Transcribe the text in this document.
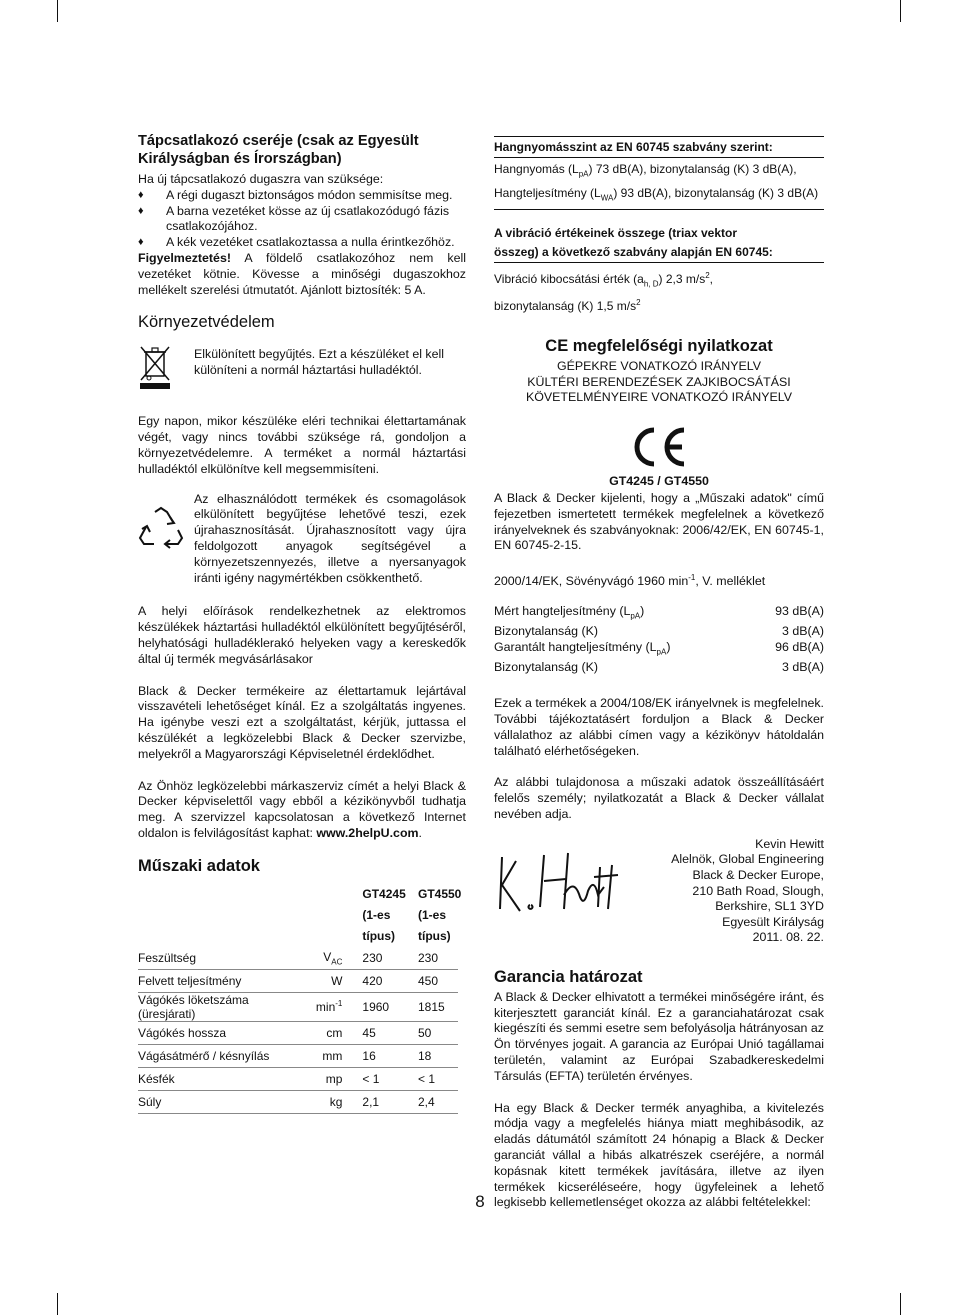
Tápcsatlakozó cseréje (csak az Egyesült Királyságban és Írországban)

Ha új tápcsatlakozó dugaszra van szüksége:

♦ A régi dugaszt biztonságos módon semmisítse meg.
♦ A barna vezetéket kösse az új csatlakozódugó fázis csatlakozójához.
♦ A kék vezetéket csatlakoztassa a nulla érintkezőhöz.

Figyelmeztetés! A földelő csatlakozóhoz nem kell vezetéket kötnie. Kövesse a minőségi dugaszokhoz mellékelt szerelési útmutatót. Ajánlott biztosíték: 5 A.

Környezetvédelem

Elkülönített begyűjtés. Ezt a készüléket el kell különíteni a normál háztartási hulladéktól.

Egy napon, mikor készüléke eléri technikai élettartamának végét, vagy nincs további szüksége rá, gondoljon a környezetvédelemre. A terméket a normál háztartási hulladéktól elkülönítve kell megsemmisíteni.

Az elhasználódott termékek és csomagolások elkülönített begyűjtése lehetővé teszi, ezek újrahasznosítását. Újrahasznosított vagy újra feldolgozott anyagok segítségével a környezetszennyezés, illetve a nyersanyagok iránti igény nagymértékben csökkenthető.

A helyi előírások rendelkezhetnek az elektromos készülékek háztartási hulladéktól elkülönített begyűjtéséről, helyhatósági hulladéklerakó helyeken vagy a kereskedők által új termék megvásárlásakor

Black & Decker termékeire az élettartamuk lejártával visszavételi lehetőséget kínál. Ez a szolgáltatás ingyenes. Ha igénybe veszi ezt a szolgáltatást, kérjük, juttassa el készülékét a legközelebbi Black & Decker szervizbe, melyekről a Magyarországi Képviseletnél érdeklődhet.

Az Önhöz legközelebbi márkaszerviz címét a helyi Black & Decker képviselettől vagy ebből a kézikönyvből tudhatja meg. A szervizzel kapcsolatosan a következő Internet oldalon is felvilágosítást kaphat: www.2helpU.com.

Műszaki adatok

		GT4245 (1-es típus)	GT4550 (1-es típus)

Feszültség	$V_{AC}$	230	230
Felvett teljesítmény	W	420	450
Vágókés löketszáma (üresjárati)	$\min^{-1}$	1960	1815
Vágókés hossza	cm	45	50
Vágásátmérő / késnyílás	mm	16	18
Késfék	mp	< 1	< 1
Súly	kg	2,1	2,4
Hangnyomásszint az EN 60745 szabvány szerint:
Hangnyomás $(L_{pA})$ 73 dB(A), bizonytalanság (K) 3 dB(A),
Hangteljesítmény $(L_{WA})$ 93 dB(A), bizonytalanság (K) 3 dB(A)
A vibráció értékeinek összege (triax vektor összeg) a következő szabvány alapján EN 60745:
Vibráció kibocsátási érték $(a_{h, D})$ 2,3 $m/s^2$,
bizonytalanság (K) 1,5 $m/s^2$
CE megfelelőségi nyilatkozat
GÉPEKRE VONATKOZÓ IRÁNYELV
KÜLTÉRI BERENDEZÉSEK ZAJKIBOCSÁTÁSI
KÖVETELMÉNYEIRE VONATKOZÓ IRÁNYELV
GT4245 / GT4550

A Black & Decker kijelenti, hogy a „Műszaki adatok" című fejezetben ismertetett termékek megfelelnek a következő irányelveknek és szabványoknak: 2006/42/EK, EN 60745-1, EN 60745-2-15.

2000/14/EK, Sövényvágó 1960 $\min^{-1}$, V. melléklet

Mért hangteljesítmény $(L_{pA})$	93 dB(A)

Bizonytalanság (K)	3 dB(A)

Garantált hangteljesítmény $(L_{pA})$	96 dB(A)

Bizonytalanság (K)	3 dB(A)

Ezek a termékek a 2004/108/EK irányelvnek is megfelelnek. További tájékoztatásért forduljon a Black & Decker vállalathoz az alábbi címen vagy a kézikönyv hátoldalán található elérhetőségeken.

Az alábbi tulajdonosa a műszaki adatok összeállításáért felelős személy; nyilatkozatát a Black & Decker vállalat nevében adja.

Kevin Hewitt
Alelnök, Global Engineering
Black & Decker Europe,
210 Bath Road, Slough,
Berkshire, SL1 3YD
Egyesült Királyság
2011. 08. 22.
Garancia határozat

A Black & Decker elhivatott a termékei minőségére iránt, és kiterjesztett garanciát kínál. Ez a garanciahatározat csak kiegészíti és semmi esetre sem befolyásolja hátrányosan az Ön törvényes jogait. A garancia az Európai Unió tagállamai területén, valamint az Európai Szabadkereskedelmi Társulás (EFTA) területén érvényes.

Ha egy Black & Decker termék anyaghiba, a kivitelezés módja vagy a megfelelés hiánya miatt meghibásodik, az eladás dátumától számított 24 hónapig a Black & Decker garanciát vállal a hibás alkatrészek cseréjére, a normál kopásnak kitett termékek javítására, illetve az ilyen termékek kicseréléseére, hogy ügyfeleinek a lehető legkisebb kellemetlenséget okozza az alábbi feltételekkel:

8
